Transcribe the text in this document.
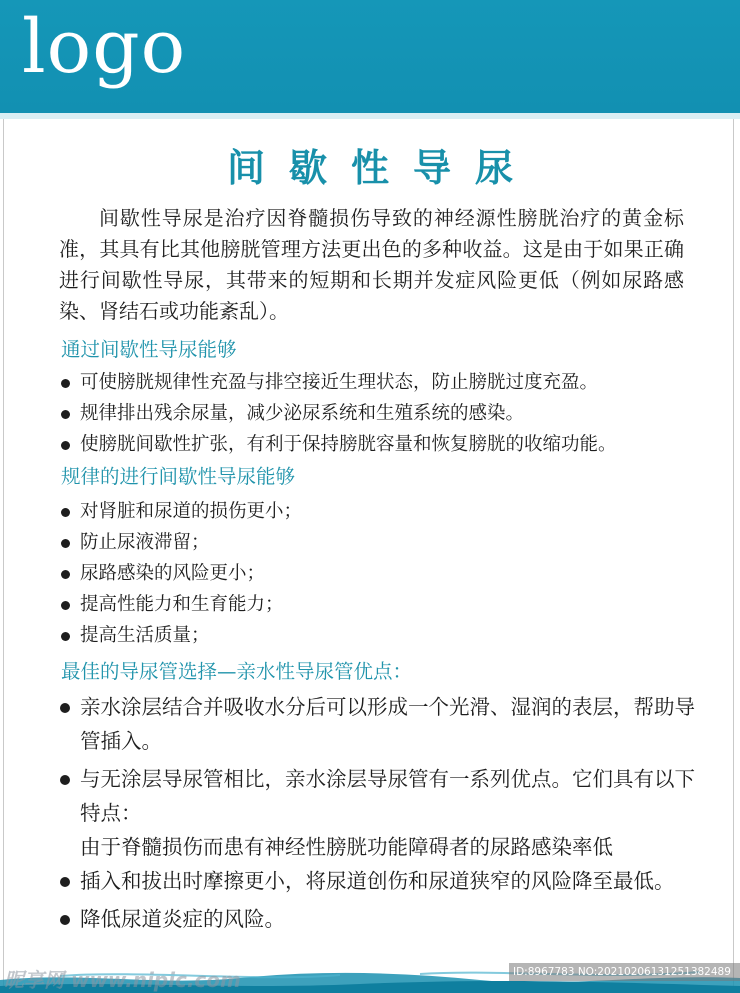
logo
间歇性导尿

间歇性导尿是治疗因脊髓损伤导致的神经源性膀胱治疗的黄金标准，其具有比其他膀胱管理方法更出色的多种收益。这是由于如果正确进行间歇性导尿，其带来的短期和长期并发症风险更低（例如尿路感染、肾结石或功能紊乱）。

通过间歇性导尿能够
可使膀胱规律性充盈与排空接近生理状态，防止膀胱过度充盈。
规律排出残余尿量，减少泌尿系统和生殖系统的感染。
使膀胱间歇性扩张，有利于保持膀胱容量和恢复膀胱的收缩功能。
规律的进行间歇性导尿能够
对肾脏和尿道的损伤更小；
防止尿液滞留；
尿路感染的风险更小；
提高性能力和生育能力；
提高生活质量；
最佳的导尿管选择—亲水性导尿管优点：
亲水涂层结合并吸收水分后可以形成一个光滑、湿润的表层，帮助导管插入。
与无涂层导尿管相比，亲水涂层导尿管有一系列优点。它们具有以下特点：
由于脊髓损伤而患有神经性膀胱功能障碍者的尿路感染率低
插入和拔出时摩擦更小，将尿道创伤和尿道狭窄的风险降至最低。
降低尿道炎症的风险。
昵享网 www.nipic.com	ID:8967783 NO:20210206131251382489
